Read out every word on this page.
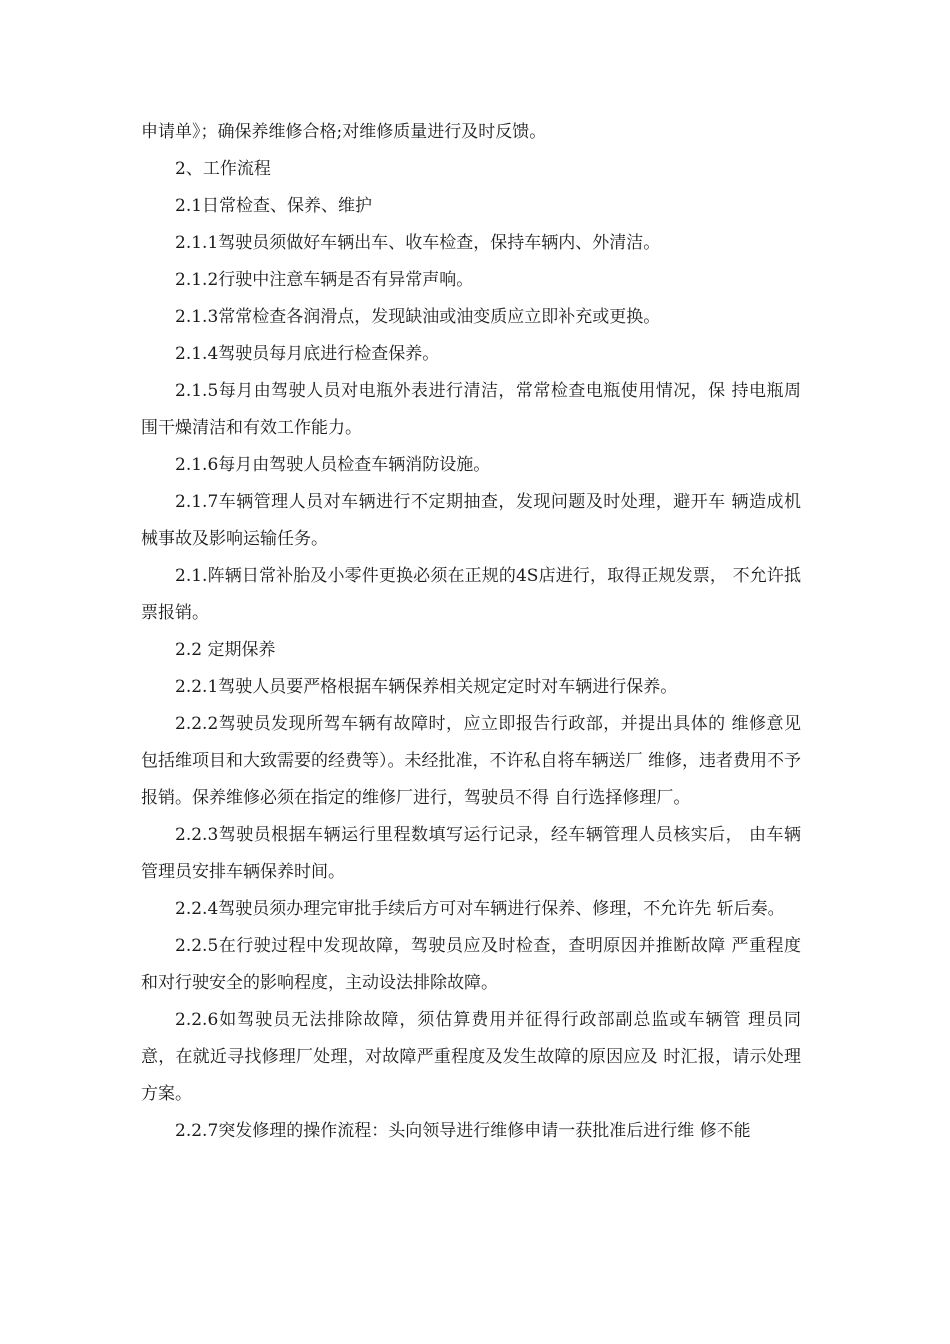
申请单》；确保养维修合格;对维修质量进行及时反馈。

2、工作流程

2.1日常检查、保养、维护

2.1.1驾驶员须做好车辆出车、收车检查，保持车辆内、外清洁。

2.1.2行驶中注意车辆是否有异常声响。

2.1.3常常检查各润滑点，发现缺油或油变质应立即补充或更换。

2.1.4驾驶员每月底进行检查保养。

2.1.5每月由驾驶人员对电瓶外表进行清洁，常常检查电瓶使用情况，保 持电瓶周围干燥清洁和有效工作能力。

2.1.6每月由驾驶人员检查车辆消防设施。

2.1.7车辆管理人员对车辆进行不定期抽查，发现问题及时处理，避开车 辆造成机械事故及影响运输任务。

2.1.阵辆日常补胎及小零件更换必须在正规的4S店进行，取得正规发票， 不允许抵票报销。

2.2 定期保养

2.2.1驾驶人员要严格根据车辆保养相关规定定时对车辆进行保养。

2.2.2驾驶员发现所驾车辆有故障时，应立即报告行政部，并提出具体的 维修意见包括维项目和大致需要的经费等）。未经批准，不许私自将车辆送厂 维修，违者费用不予报销。保养维修必须在指定的维修厂进行，驾驶员不得 自行选择修理厂。

2.2.3驾驶员根据车辆运行里程数填写运行记录，经车辆管理人员核实后， 由车辆管理员安排车辆保养时间。

2.2.4驾驶员须办理完审批手续后方可对车辆进行保养、修理，不允许先 斩后奏。

2.2.5在行驶过程中发现故障，驾驶员应及时检查，查明原因并推断故障 严重程度和对行驶安全的影响程度，主动设法排除故障。

2.2.6如驾驶员无法排除故障，须估算费用并征得行政部副总监或车辆管 理员同意，在就近寻找修理厂处理，对故障严重程度及发生故障的原因应及 时汇报，请示处理方案。

2.2.7突发修理的操作流程：头向领导进行维修申请一获批准后进行维 修不能
